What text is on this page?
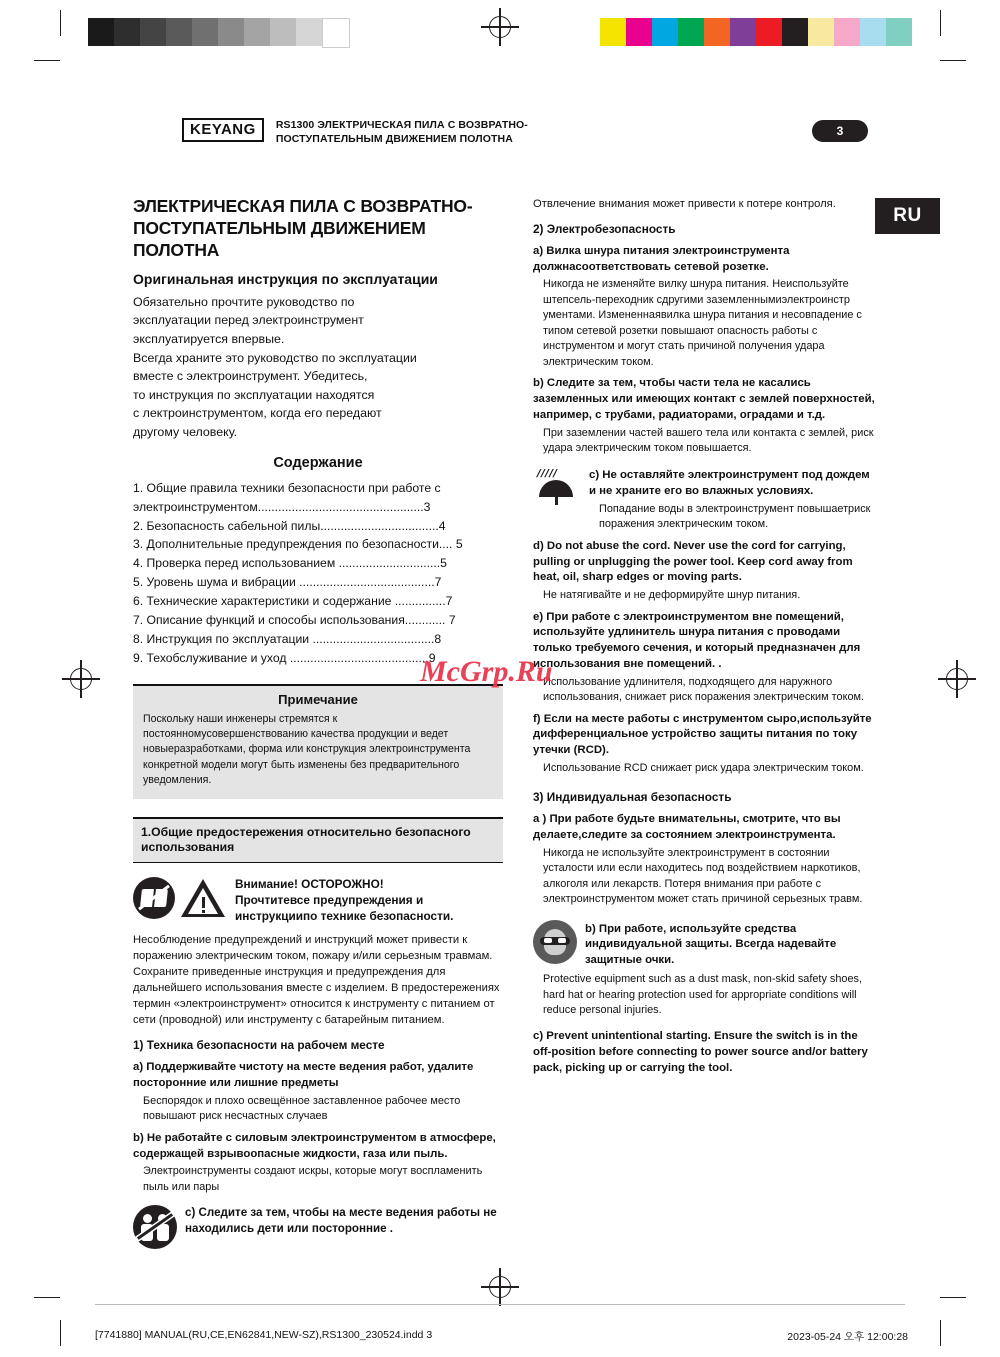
KEYANG	RS1300 ЭЛЕКТРИЧЕСКАЯ ПИЛА С ВОЗВРАТНО-ПОСТУПАТЕЛЬНЫМ ДВИЖЕНИЕМ ПОЛОТНА
3
RU
ЭЛЕКТРИЧЕСКАЯ ПИЛА С ВОЗВРАТНО-ПОСТУПАТЕЛЬНЫМ ДВИЖЕНИЕМ ПОЛОТНА
Оригинальная инструкция по эксплуатации

Обязательно прочтите руководство по

эксплуатации перед электроинструмент

эксплуатируется впервые.

Всегда храните это руководство по эксплуатации

вместе с электроинструмент. Убедитесь,

то инструкция по эксплуатации находятся

с лектроинструментом, когда его передают

другому человеку.

Содержание

1. Общие правила техники безопасности при работе с

электроинструментом.................................................3

2. Безопасность сабельной пилы...................................4

3. Дополнительные предупреждения по безопасности.... 5

4. Проверка перед использованием ..............................5

5. Уровень шума и вибрации ........................................7

6. Технические характеристики и содержание ...............7

7. Описание функций и способы использования............ 7

8. Инструкция по эксплуатации ....................................8

9. Техобслуживание и уход .........................................9

Примечание

Поскольку наши инженеры стремятся к постоянномусовершенствованию качества продукции и ведет новыеразработками, форма или конструкция электроинструмента конкретной модели могут быть изменены без предварительного уведомления.

1.Общие предостережения относительно безопасного использования

Внимание! ОСТОРОЖНО!
Прочтитевсе предупреждения и инструкциипо технике безопасности.

Несоблюдение предупреждений и инструкций может привести к поражению электрическим током, пожару и/или серьезным травмам. Сохраните приведенные инструкция и предупреждения для дальнейшего использования вместе с изделием. В предостережениях термин «электроинструмент» относится к инструменту с питанием от сети (проводной) или инструменту с батарейным питанием.

1) Техника безопасности на рабочем месте

a) Поддерживайте чистоту на месте ведения работ, удалите посторонние или лишние предметы

Беспорядок и плохо освещённое заставленное рабочее место повышают риск несчастных случаев

b) Не работайте с силовым электроинструментом в атмосфере, содержащей взрывоопасные жидкости, газа или пыль.

Электроинструменты создают искры, которые могут воспламенить пыль или пары

c) Следите за тем, чтобы на месте ведения работы не находились дети или посторонние .

Отвлечение внимания может привести к потере контроля.

2) Электробезопасность

a) Вилка шнура питания электроинструмента должнасоответствовать сетевой розетке.

Никогда не изменяйте вилку шнура питания. Неиспользуйте штепсель-переходник сдругими заземленнымиэлектроинстр ументами. Измененнаявилка шнура питания и несовпадение с типом сетевой розетки повышают опасность работы с инструментом и могут стать причиной получения удара электрическим током.

b) Следите за тем, чтобы части тела не касались заземленных или имеющих контакт с землей поверхностей, например, с трубами, радиаторами, оградами и т.д.

При заземлении частей вашего тела или контакта с землей, риск удара электрическим током повышается.

/////	c) Не оставляйте электроинструмент под дождем и не храните его во влажных условиях.

Попадание воды в электроинструмент повышаетриск поражения электрическим током.

d) Do not abuse the cord. Never use the cord for carrying, pulling or unplugging the power tool. Keep cord away from heat, oil, sharp edges or moving parts.

Не натягивайте и не деформируйте шнур питания.

e) При работе с электроинструментом вне помещений, используйте удлинитель шнура питания с проводами только требуемого сечения, и который предназначен для использования вне помещений. .

Использование удлинителя, подходящего для наружного использования, снижает риск поражения электрическим током.

f) Если на месте работы с инструментом сыро,используйте дифференциальное устройство защиты питания по току утечки (RCD).

Использование RCD снижает риск удара электрическим током.

3) Индивидуальная безопасность

a ) При работе будьте внимательны, смотрите, что вы делаете,следите за состоянием электроинструмента.

Никогда не используйте электроинструмент в состоянии усталости или если находитесь под воздействием наркотиков, алкоголя или лекарств. Потеря внимания при работе с электроинструментом может стать причиной серьезных травм.

b) При работе, используйте средства индивидуальной защиты. Всегда надевайте защитные очки.

Protective equipment such as a dust mask, non-skid safety shoes, hard hat or hearing protection used for appropriate conditions will reduce personal injuries.

c) Prevent unintentional starting. Ensure the switch is in the off-position before connecting to power source and/or battery pack, picking up or carrying the tool.

McGrp.Ru
[7741880] MANUAL(RU,CE,EN62841,NEW-SZ),RS1300_230524.indd 3	2023-05-24 오후 12:00:28
